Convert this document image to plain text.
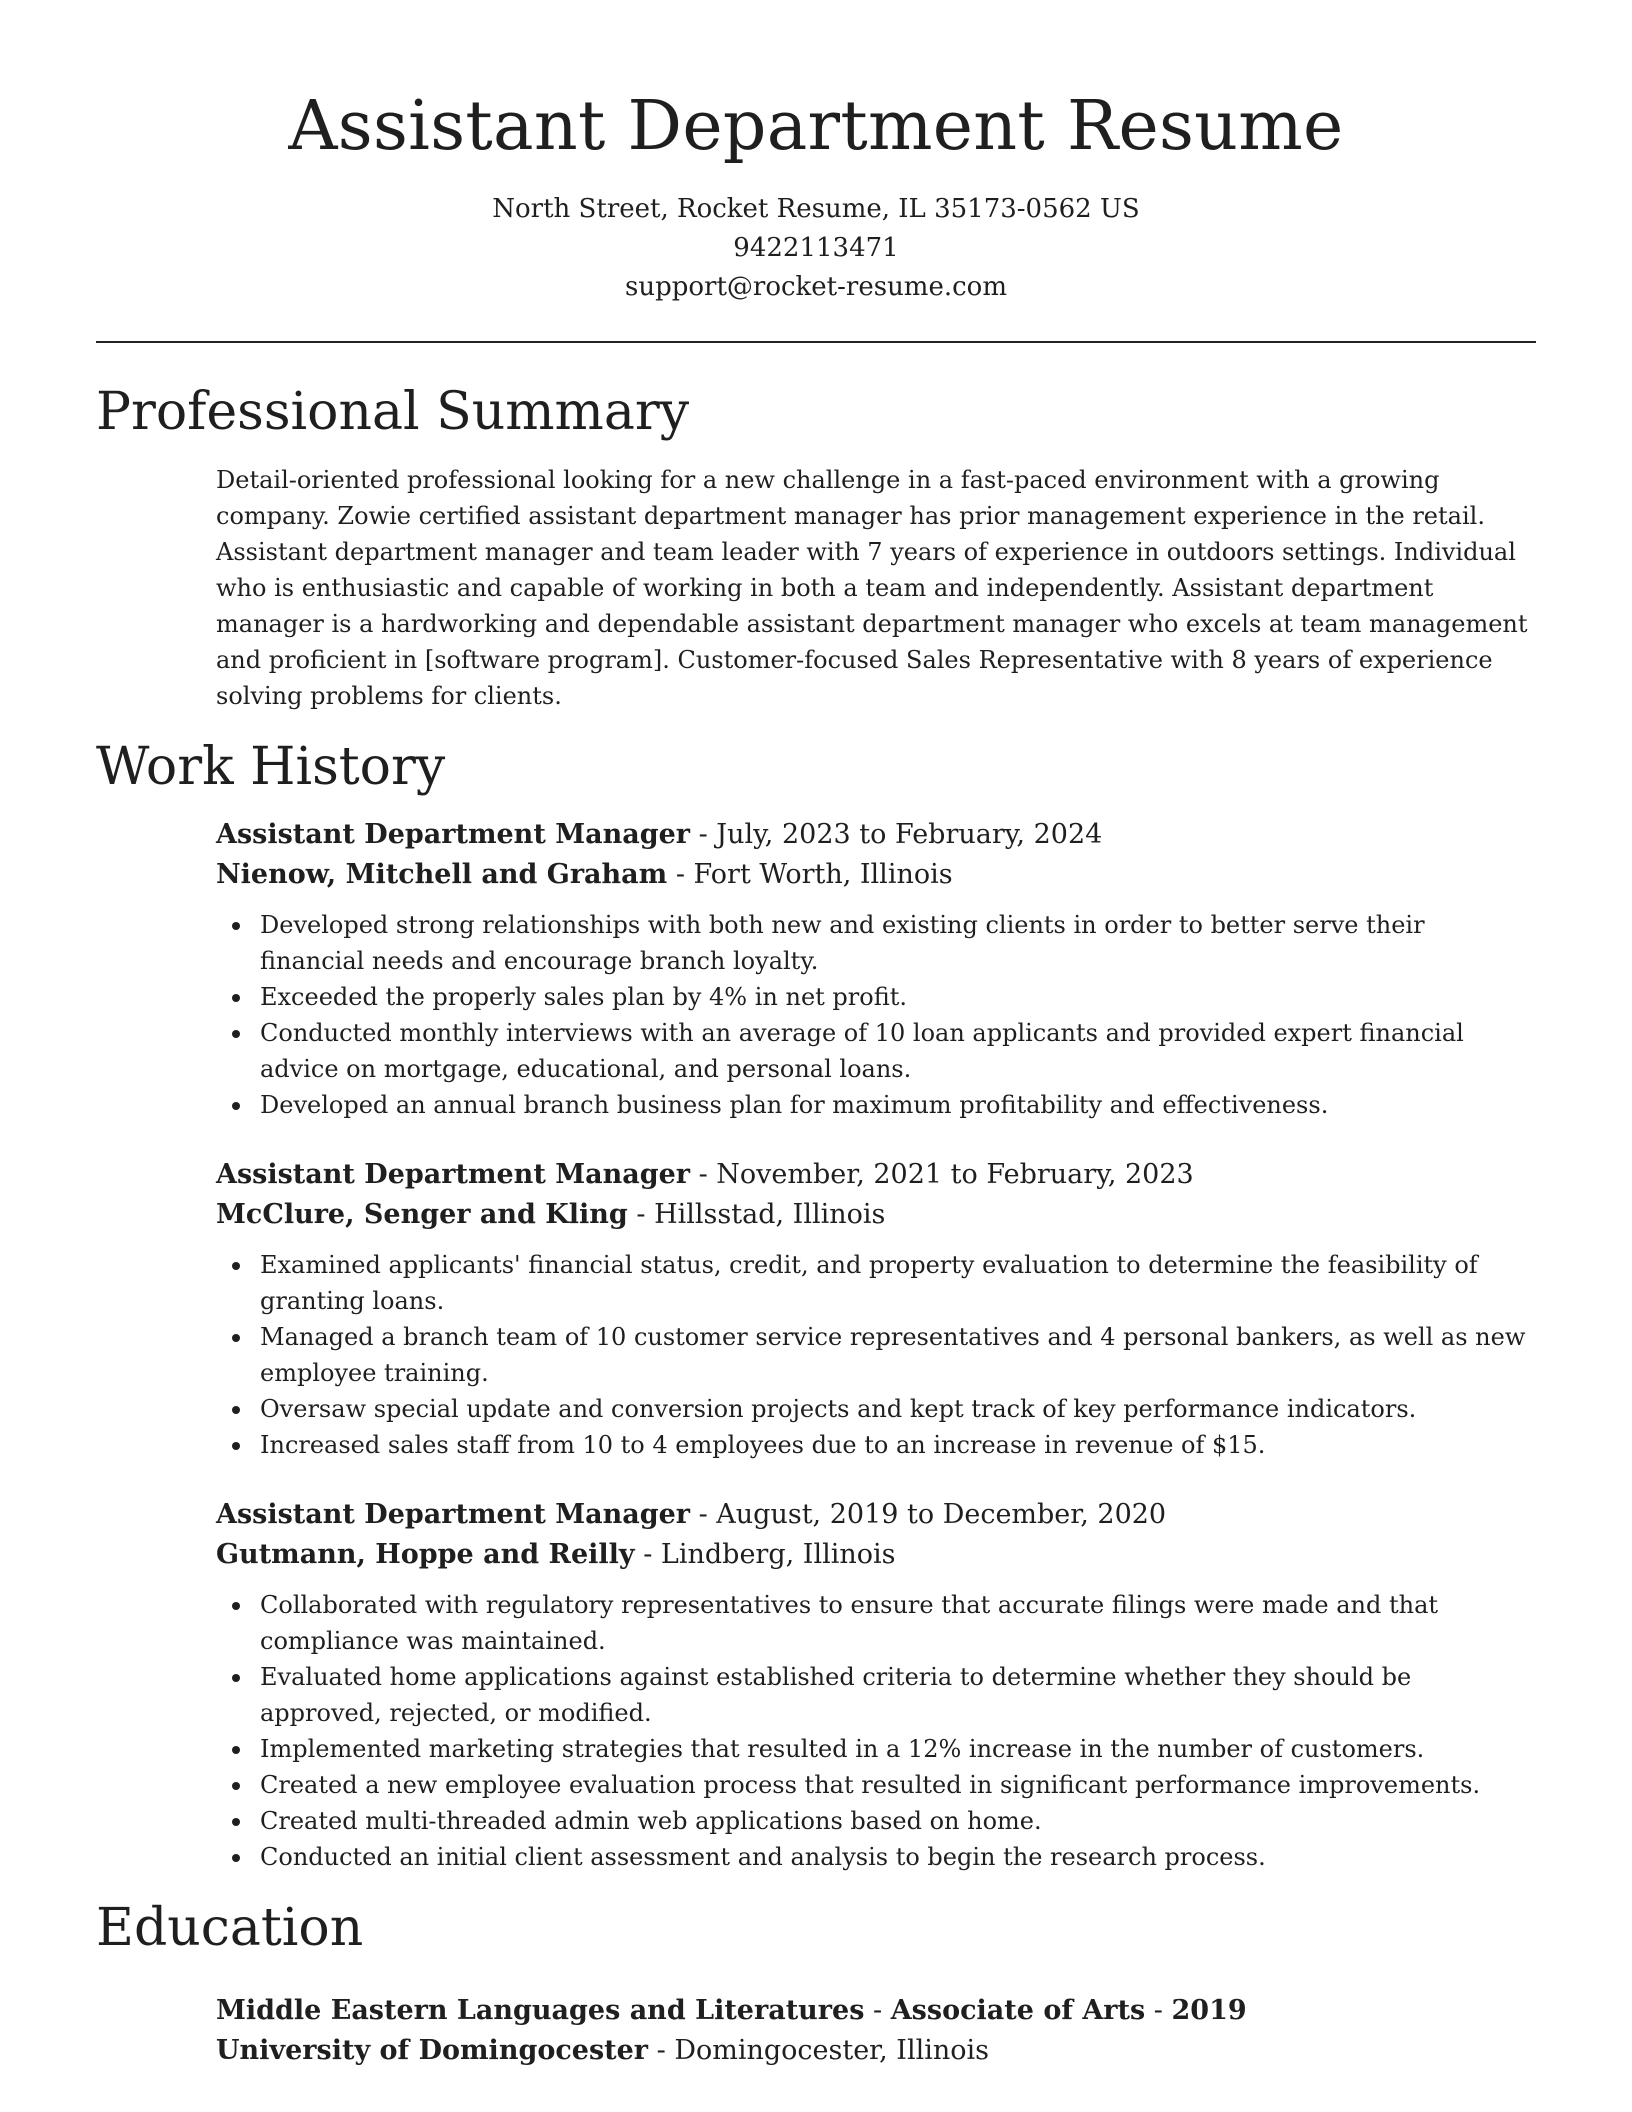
Assistant Department Resume
North Street, Rocket Resume, IL 35173-0562 US
9422113471
support@rocket-resume.com
Professional Summary

Detail-oriented professional looking for a new challenge in a fast-paced environment with a growing company. Zowie certified assistant department manager has prior management experience in the retail. Assistant department manager and team leader with 7 years of experience in outdoors settings. Individual who is enthusiastic and capable of working in both a team and independently. Assistant department manager is a hardworking and dependable assistant department manager who excels at team management and proficient in [software program]. Customer-focused Sales Representative with 8 years of experience solving problems for clients.

Work History
Assistant Department Manager - July, 2023 to February, 2024
Nienow, Mitchell and Graham - Fort Worth, Illinois
Developed strong relationships with both new and existing clients in order to better serve their financial needs and encourage branch loyalty.
Exceeded the properly sales plan by 4% in net profit.
Conducted monthly interviews with an average of 10 loan applicants and provided expert financial advice on mortgage, educational, and personal loans.
Developed an annual branch business plan for maximum profitability and effectiveness.
Assistant Department Manager - November, 2021 to February, 2023
McClure, Senger and Kling - Hillsstad, Illinois
Examined applicants' financial status, credit, and property evaluation to determine the feasibility of granting loans.
Managed a branch team of 10 customer service representatives and 4 personal bankers, as well as new employee training.
Oversaw special update and conversion projects and kept track of key performance indicators.
Increased sales staff from 10 to 4 employees due to an increase in revenue of $15.
Assistant Department Manager - August, 2019 to December, 2020
Gutmann, Hoppe and Reilly - Lindberg, Illinois
Collaborated with regulatory representatives to ensure that accurate filings were made and that compliance was maintained.
Evaluated home applications against established criteria to determine whether they should be approved, rejected, or modified.
Implemented marketing strategies that resulted in a 12% increase in the number of customers.
Created a new employee evaluation process that resulted in significant performance improvements.
Created multi-threaded admin web applications based on home.
Conducted an initial client assessment and analysis to begin the research process.
Education
Middle Eastern Languages and Literatures - Associate of Arts - 2019
University of Domingocester - Domingocester, Illinois
